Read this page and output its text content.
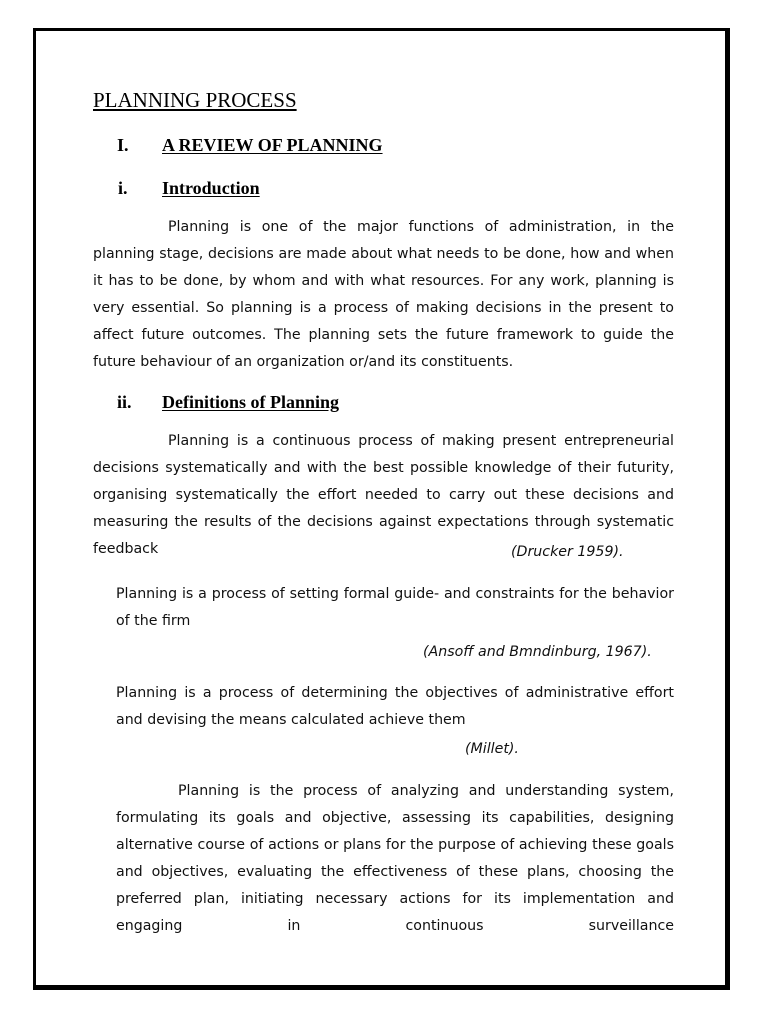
PLANNING PROCESS
I. A REVIEW OF PLANNING
i. Introduction

Planning is one of the major functions of administration, in the planning stage, decisions are made about what needs to be done, how and when it has to be done, by whom and with what resources. For any work, planning is very essential. So planning is a process of making decisions in the present to affect future outcomes. The planning sets the future framework to guide the future behaviour of an organization or/and its constituents.

ii. Definitions of Planning

Planning is a continuous process of making present entrepreneurial decisions systematically and with the best possible knowledge of their futurity, organising systematically the effort needed to carry out these decisions and measuring the results of the decisions against expectations through systematic feedback	(Drucker 1959).

Planning is a process of setting formal guide- and constraints for the behavior of the firm

(Ansoff and Bmndinburg, 1967).

Planning is a process of determining the objectives of administrative effort and devising the means calculated achieve them

(Millet).

Planning is the process of analyzing and understanding system, formulating its goals and objective, assessing its capabilities, designing alternative course of actions or plans for the purpose of achieving these goals and objectives, evaluating the effectiveness of these plans, choosing the preferred plan, initiating necessary actions for its implementation and engaging in continuous surveillance
